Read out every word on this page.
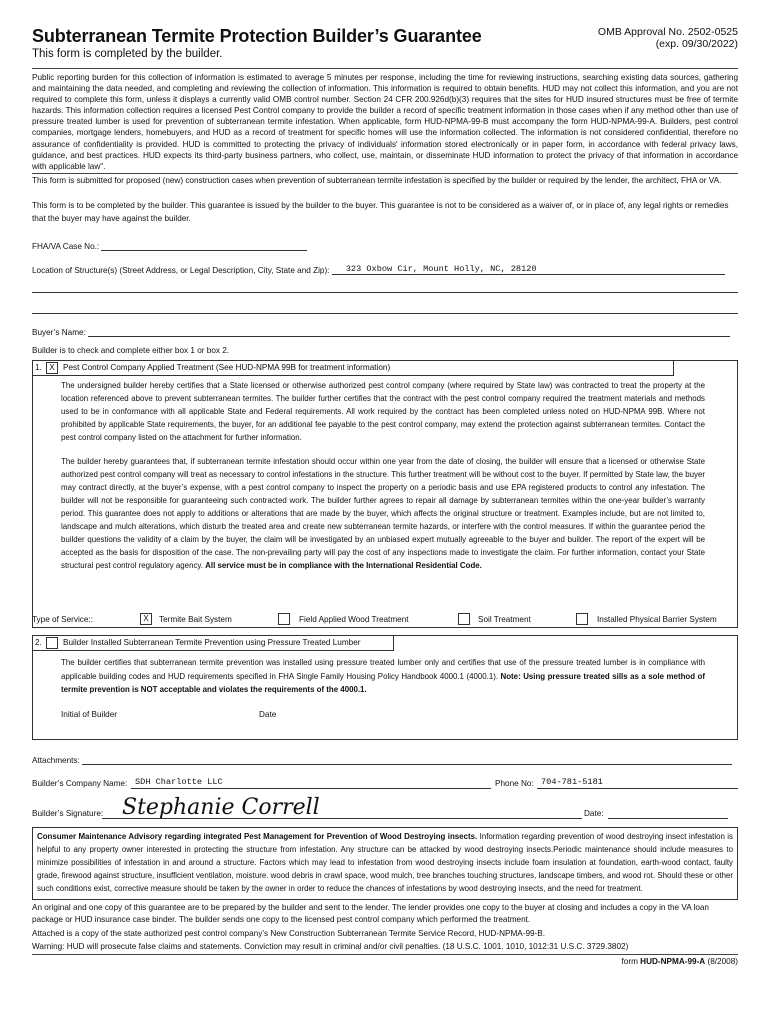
Subterranean Termite Protection Builder’s Guarantee
This form is completed by the builder.
OMB Approval No. 2502-0525
(exp. 09/30/2022)
Public reporting burden for this collection of information is estimated to average 5 minutes per response, including the time for reviewing instructions, searching existing data sources, gathering and maintaining the data needed, and completing and reviewing the collection of information. This information is required to obtain benefits. HUD may not collect this information, and you are not required to complete this form, unless it displays a currently valid OMB control number. Section 24 CFR 200.926d(b)(3) requires that the sites for HUD insured structures must be free of termite hazards. This information collection requires a licensed Pest Control company to provide the builder a record of specific treatment information in those cases when if any method other than use of pressure treated lumber is used for prevention of subterranean termite infestation. When applicable, form HUD-NPMA-99-B must accompany the form HUD-NPMA-99-A. Builders, pest control companies, mortgage lenders, homebuyers, and HUD as a record of treatment for specific homes will use the information collected. The information is not considered confidential, therefore no assurance of confidentiality is provided. HUD is committed to protecting the privacy of individuals' information stored electronically or in paper form, in accordance with federal privacy laws, guidance, and best practices. HUD expects its third-party business partners, who collect, use, maintain, or disseminate HUD information to protect the privacy of that information in accordance with applicable law".
This form is submitted for proposed (new) construction cases when prevention of subterranean termite infestation is specified by the builder or required by the lender, the architect, FHA or VA.
This form is to be completed by the builder. This guarantee is issued by the builder to the buyer. This guarantee is not to be considered as a waiver of, or in place of, any legal rights or remedies that the buyer may have against the builder.
FHA/VA Case No.:
Location of Structure(s) (Street Address, or Legal Description, City, State and Zip): 323 Oxbow Cir, Mount Holly, NC, 28120
Buyer’s Name:
Builder is to check and complete either box 1 or box 2.
1. X	Pest Control Company Applied Treatment (See HUD-NPMA 99B for treatment information)
The undersigned builder hereby certifies that a State licensed or otherwise authorized pest control company (where required by State law) was contracted to treat the property at the location referenced above to prevent subterranean termites. The builder further certifies that the contract with the pest control company required the treatment materials and methods used to be in conformance with all applicable State and Federal requirements. All work required by the contract has been completed unless noted on HUD-NPMA 99B. Where not prohibited by applicable State requirements, the buyer, for an additional fee payable to the pest control company, may extend the protection against subterranean termites. Contact the pest control company listed on the attachment for further information.
The builder hereby guarantees that, if subterranean termite infestation should occur within one year from the date of closing, the builder will ensure that a licensed or otherwise State authorized pest control company will treat as necessary to control infestations in the structure. This further treatment will be without cost to the buyer. If permitted by State law, the buyer may contract directly, at the buyer’s expense, with a pest control company to inspect the property on a periodic basis and use EPA registered products to control any infestation. The builder will not be responsible for guaranteeing such contracted work. The builder further agrees to repair all damage by subterranean termites within the one-year builder’s warranty period. This guarantee does not apply to additions or alterations that are made by the buyer, which affects the original structure or treatment. Examples include, but are not limited to, landscape and mulch alterations, which disturb the treated area and create new subterranean termite hazards, or interfere with the control measures. If within the guarantee period the builder questions the validity of a claim by the buyer, the claim will be investigated by an unbiased expert mutually agreeable to the buyer and builder. The report of the expert will be accepted as the basis for disposition of the case. The non-prevailing party will pay the cost of any inspections made to investigate the claim. For further information, contact your State structural pest control regulatory agency. All service must be in compliance with the International Residential Code.
Type of Service::	X	Termite Bait System	Field Applied Wood Treatment	Soil Treatment	Installed Physical Barrier System
2.	Builder Installed Subterranean Termite Prevention using Pressure Treated Lumber
The builder certifies that subterranean termite prevention was installed using pressure treated lumber only and certifies that use of the pressure treated lumber is in compliance with applicable building codes and HUD requirements specified in FHA Single Family Housing Policy Handbook 4000.1 (4000.1). Note: Using pressure treated sills as a sole method of termite prevention is NOT acceptable and violates the requirements of the 4000.1.
Initial of Builder	Date
Attachments:
Builder’s Company Name: SDH Charlotte LLC	Phone No: 704-781-5181
Builder’s Signature: Stephanie Correll	Date:
Consumer Maintenance Advisory regarding integrated Pest Management for Prevention of Wood Destroying insects. Information regarding prevention of wood destroying insect infestation is helpful to any property owner interested in protecting the structure from infestation. Any structure can be attacked by wood destroying insects.Periodic maintenance should include measures to minimize possibilities of infestation in and around a structure. Factors which may lead to infestation from wood destroying insects include foam insulation at foundation, earth-wood contact, faulty grade, firewood against structure, insufficient ventilation, moisture. wood debris in crawl space, wood mulch, tree branches touching structures, landscape timbers, and wood rot. Should these or other such conditions exist, corrective measure should be taken by the owner in order to reduce the chances of infestations by wood destroying insects, and the need for treatment.
An original and one copy of this guarantee are to be prepared by the builder and sent to the lender. The lender provides one copy to the buyer at closing and includes a copy in the VA loan package or HUD insurance case binder. The builder sends one copy to the licensed pest control company which performed the treatment.
Attached is a copy of the state authorized pest control company’s New Construction Subterranean Termite Service Record, HUD-NPMA-99-B.
Warning: HUD will prosecute false claims and statements. Conviction may result in criminal and/or civil penalties. (18 U.S.C. 1001. 1010, 1012:31 U.S.C. 3729.3802)
form HUD-NPMA-99-A (8/2008)
